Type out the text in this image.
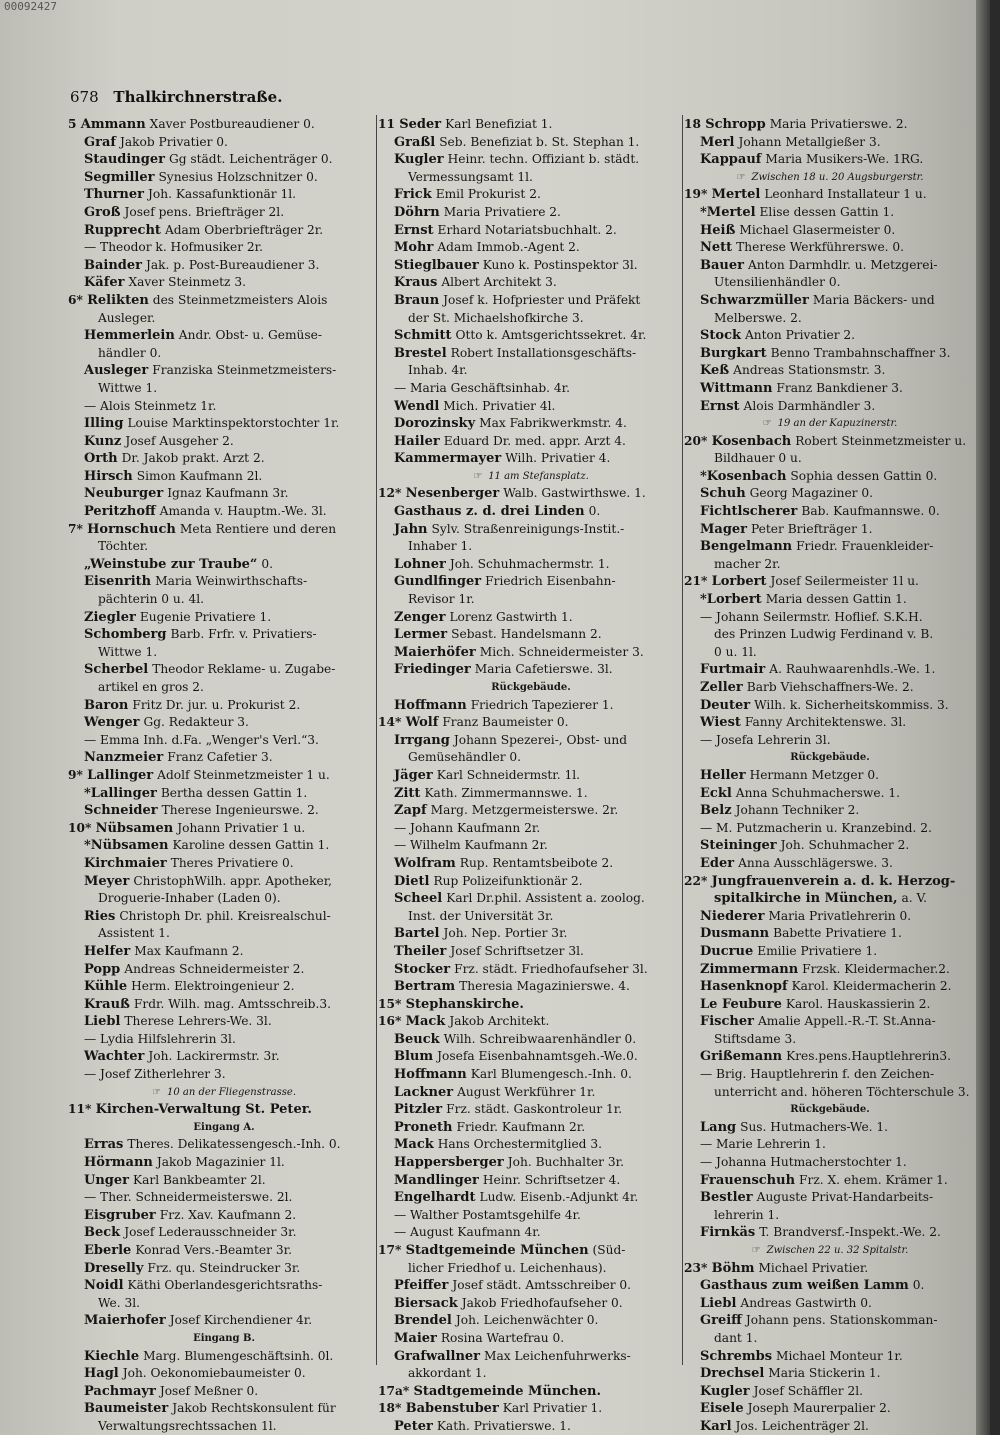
00092427
678 Thalkirchnerstraße.
5 Ammann Xaver Postbureaudiener 0.
Graf Jakob Privatier 0.
Staudinger Gg städt. Leichenträger 0.
Segmiller Synesius Holzschnitzer 0.
Thurner Joh. Kassafunktionär 1l.
Groß Josef pens. Briefträger 2l.
Rupprecht Adam Oberbriefträger 2r.
— Theodor k. Hofmusiker 2r.
Bainder Jak. p. Post-Bureaudiener 3.
Käfer Xaver Steinmetz 3.
6* Relikten des Steinmetzmeisters Alois
Ausleger.
Hemmerlein Andr. Obst- u. Gemüse-
händler 0.
Ausleger Franziska Steinmetzmeisters-
Wittwe 1.
— Alois Steinmetz 1r.
Illing Louise Marktinspektorstochter 1r.
Kunz Josef Ausgeher 2.
Orth Dr. Jakob prakt. Arzt 2.
Hirsch Simon Kaufmann 2l.
Neuburger Ignaz Kaufmann 3r.
Peritzhoff Amanda v. Hauptm.-We. 3l.
7* Hornschuch Meta Rentiere und deren
Töchter.
„Weinstube zur Traube“ 0.
Eisenrith Maria Weinwirthschafts-
pächterin 0 u. 4l.
Ziegler Eugenie Privatiere 1.
Schomberg Barb. Frfr. v. Privatiers-
Wittwe 1.
Scherbel Theodor Reklame- u. Zugabe-
artikel en gros 2.
Baron Fritz Dr. jur. u. Prokurist 2.
Wenger Gg. Redakteur 3.
— Emma Inh. d.Fa. „Wenger's Verl.“3.
Nanzmeier Franz Cafetier 3.
9* Lallinger Adolf Steinmetzmeister 1 u.
*Lallinger Bertha dessen Gattin 1.
Schneider Therese Ingenieurswe. 2.
10* Nübsamen Johann Privatier 1 u.
*Nübsamen Karoline dessen Gattin 1.
Kirchmaier Theres Privatiere 0.
Meyer ChristophWilh. appr. Apotheker,
Droguerie-Inhaber (Laden 0).
Ries Christoph Dr. phil. Kreisrealschul-
Assistent 1.
Helfer Max Kaufmann 2.
Popp Andreas Schneidermeister 2.
Kühle Herm. Elektroingenieur 2.
Krauß Frdr. Wilh. mag. Amtsschreib.3.
Liebl Therese Lehrers-We. 3l.
— Lydia Hilfslehrerin 3l.
Wachter Joh. Lackirermstr. 3r.
— Josef Zitherlehrer 3.
☞ 10 an der Fliegenstrasse.
11* Kirchen-Verwaltung St. Peter.
Eingang A.
Erras Theres. Delikatessengesch.-Inh. 0.
Hörmann Jakob Magazinier 1l.
Unger Karl Bankbeamter 2l.
— Ther. Schneidermeisterswe. 2l.
Eisgruber Frz. Xav. Kaufmann 2.
Beck Josef Lederausschneider 3r.
Eberle Konrad Vers.-Beamter 3r.
Dreselly Frz. qu. Steindrucker 3r.
Noidl Käthi Oberlandesgerichtsraths-
We. 3l.
Maierhofer Josef Kirchendiener 4r.
Eingang B.
Kiechle Marg. Blumengeschäftsinh. 0l.
Hagl Joh. Oekonomiebaumeister 0.
Pachmayr Josef Meßner 0.
Baumeister Jakob Rechtskonsulent für
Verwaltungsrechtssachen 1l.
11 Seder Karl Benefiziat 1.
Graßl Seb. Benefiziat b. St. Stephan 1.
Kugler Heinr. techn. Offiziant b. städt.
Vermessungsamt 1l.
Frick Emil Prokurist 2.
Döhrn Maria Privatiere 2.
Ernst Erhard Notariatsbuchhalt. 2.
Mohr Adam Immob.-Agent 2.
Stieglbauer Kuno k. Postinspektor 3l.
Kraus Albert Architekt 3.
Braun Josef k. Hofpriester und Präfekt
der St. Michaelshofkirche 3.
Schmitt Otto k. Amtsgerichtssekret. 4r.
Brestel Robert Installationsgeschäfts-
Inhab. 4r.
— Maria Geschäftsinhab. 4r.
Wendl Mich. Privatier 4l.
Dorozinsky Max Fabrikwerkmstr. 4.
Hailer Eduard Dr. med. appr. Arzt 4.
Kammermayer Wilh. Privatier 4.
☞ 11 am Stefansplatz.
12* Nesenberger Walb. Gastwirthswe. 1.
Gasthaus z. d. drei Linden 0.
Jahn Sylv. Straßenreinigungs-Instit.-
Inhaber 1.
Lohner Joh. Schuhmachermstr. 1.
Gundlfinger Friedrich Eisenbahn-
Revisor 1r.
Zenger Lorenz Gastwirth 1.
Lermer Sebast. Handelsmann 2.
Maierhöfer Mich. Schneidermeister 3.
Friedinger Maria Cafetierswe. 3l.
Rückgebäude.
Hoffmann Friedrich Tapezierer 1.
14* Wolf Franz Baumeister 0.
Irrgang Johann Spezerei-, Obst- und
Gemüsehändler 0.
Jäger Karl Schneidermstr. 1l.
Zitt Kath. Zimmermannswe. 1.
Zapf Marg. Metzgermeisterswe. 2r.
— Johann Kaufmann 2r.
— Wilhelm Kaufmann 2r.
Wolfram Rup. Rentamtsbeibote 2.
Dietl Rup Polizeifunktionär 2.
Scheel Karl Dr.phil. Assistent a. zoolog.
Inst. der Universität 3r.
Bartel Joh. Nep. Portier 3r.
Theiler Josef Schriftsetzer 3l.
Stocker Frz. städt. Friedhofaufseher 3l.
Bertram Theresia Magazinierswe. 4.
15* Stephanskirche.
16* Mack Jakob Architekt.
Beuck Wilh. Schreibwaarenhändler 0.
Blum Josefa Eisenbahnamtsgeh.-We.0.
Hoffmann Karl Blumengesch.-Inh. 0.
Lackner August Werkführer 1r.
Pitzler Frz. städt. Gaskontroleur 1r.
Proneth Friedr. Kaufmann 2r.
Mack Hans Orchestermitglied 3.
Happersberger Joh. Buchhalter 3r.
Mandlinger Heinr. Schriftsetzer 4.
Engelhardt Ludw. Eisenb.-Adjunkt 4r.
— Walther Postamtsgehilfe 4r.
— August Kaufmann 4r.
17* Stadtgemeinde München (Süd-
licher Friedhof u. Leichenhaus).
Pfeiffer Josef städt. Amtsschreiber 0.
Biersack Jakob Friedhofaufseher 0.
Brendel Joh. Leichenwächter 0.
Maier Rosina Wartefrau 0.
Grafwallner Max Leichenfuhrwerks-
akkordant 1.
17a* Stadtgemeinde München.
18* Babenstuber Karl Privatier 1.
Peter Kath. Privatierswe. 1.
18 Schropp Maria Privatierswe. 2.
Merl Johann Metallgießer 3.
Kappauf Maria Musikers-We. 1RG.
☞ Zwischen 18 u. 20 Augsburgerstr.
19* Mertel Leonhard Installateur 1 u.
*Mertel Elise dessen Gattin 1.
Heiß Michael Glasermeister 0.
Nett Therese Werkführerswe. 0.
Bauer Anton Darmhdlr. u. Metzgerei-
Utensilienhändler 0.
Schwarzmüller Maria Bäckers- und
Melberswe. 2.
Stock Anton Privatier 2.
Burgkart Benno Trambahnschaffner 3.
Keß Andreas Stationsmstr. 3.
Wittmann Franz Bankdiener 3.
Ernst Alois Darmhändler 3.
☞ 19 an der Kapuzinerstr.
20* Kosenbach Robert Steinmetzmeister u.
Bildhauer 0 u.
*Kosenbach Sophia dessen Gattin 0.
Schuh Georg Magaziner 0.
Fichtlscherer Bab. Kaufmannswe. 0.
Mager Peter Briefträger 1.
Bengelmann Friedr. Frauenkleider-
macher 2r.
21* Lorbert Josef Seilermeister 1l u.
*Lorbert Maria dessen Gattin 1.
— Johann Seilermstr. Hoflief. S.K.H.
des Prinzen Ludwig Ferdinand v. B.
0 u. 1l.
Furtmair A. Rauhwaarenhdls.-We. 1.
Zeller Barb Viehschaffners-We. 2.
Deuter Wilh. k. Sicherheitskommiss. 3.
Wiest Fanny Architektenswe. 3l.
— Josefa Lehrerin 3l.
Rückgebäude.
Heller Hermann Metzger 0.
Eckl Anna Schuhmacherswe. 1.
Belz Johann Techniker 2.
— M. Putzmacherin u. Kranzebind. 2.
Steininger Joh. Schuhmacher 2.
Eder Anna Ausschlägerswe. 3.
22* Jungfrauenverein a. d. k. Herzog-
spitalkirche in München, a. V.
Niederer Maria Privatlehrerin 0.
Dusmann Babette Privatiere 1.
Ducrue Emilie Privatiere 1.
Zimmermann Frzsk. Kleidermacher.2.
Hasenknopf Karol. Kleidermacherin 2.
Le Feubure Karol. Hauskassierin 2.
Fischer Amalie Appell.-R.-T. St.Anna-
Stiftsdame 3.
Grißemann Kres.pens.Hauptlehrerin3.
— Brig. Hauptlehrerin f. den Zeichen-
unterricht and. höheren Töchterschule 3.
Rückgebäude.
Lang Sus. Hutmachers-We. 1.
— Marie Lehrerin 1.
— Johanna Hutmacherstochter 1.
Frauenschuh Frz. X. ehem. Krämer 1.
Bestler Auguste Privat-Handarbeits-
lehrerin 1.
Firnkäs T. Brandversf.-Inspekt.-We. 2.
☞ Zwischen 22 u. 32 Spitalstr.
23* Böhm Michael Privatier.
Gasthaus zum weißen Lamm 0.
Liebl Andreas Gastwirth 0.
Greiff Johann pens. Stationskomman-
dant 1.
Schrembs Michael Monteur 1r.
Drechsel Maria Stickerin 1.
Kugler Josef Schäffler 2l.
Eisele Joseph Maurerpalier 2.
Karl Jos. Leichenträger 2l.
